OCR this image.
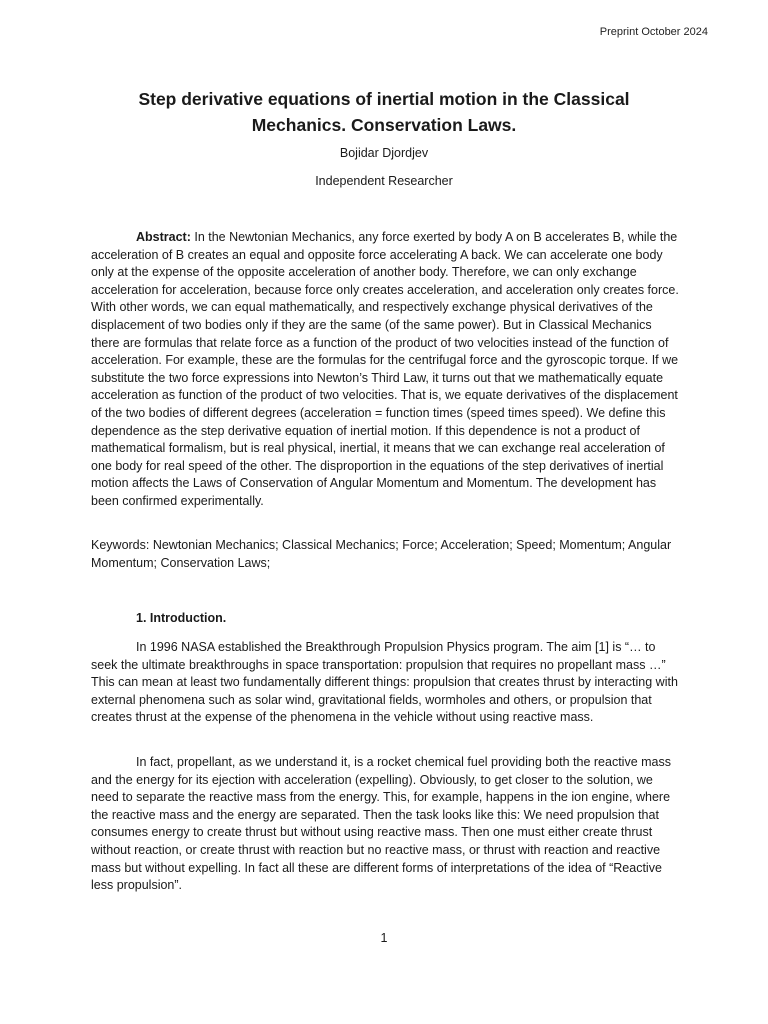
Preprint October 2024
Step derivative equations of inertial motion in the Classical Mechanics. Conservation Laws.
Bojidar Djordjev
Independent Researcher

Abstract: In the Newtonian Mechanics, any force exerted by body A on B accelerates B, while the acceleration of B creates an equal and opposite force accelerating A back. We can accelerate one body only at the expense of the opposite acceleration of another body. Therefore, we can only exchange acceleration for acceleration, because force only creates acceleration, and acceleration only creates force. With other words, we can equal mathematically, and respectively exchange physical derivatives of the displacement of two bodies only if they are the same (of the same power). But in Classical Mechanics there are formulas that relate force as a function of the product of two velocities instead of the function of acceleration. For example, these are the formulas for the centrifugal force and the gyroscopic torque. If we substitute the two force expressions into Newton’s Third Law, it turns out that we mathematically equate acceleration as function of the product of two velocities. That is, we equate derivatives of the displacement of the two bodies of different degrees (acceleration = function times (speed times speed). We define this dependence as the step derivative equation of inertial motion. If this dependence is not a product of mathematical formalism, but is real physical, inertial, it means that we can exchange real acceleration of one body for real speed of the other. The disproportion in the equations of the step derivatives of inertial motion affects the Laws of Conservation of Angular Momentum and Momentum. The development has been confirmed experimentally.

Keywords: Newtonian Mechanics; Classical Mechanics; Force; Acceleration; Speed; Momentum; Angular Momentum; Conservation Laws;

1. Introduction.

In 1996 NASA established the Breakthrough Propulsion Physics program. The aim [1] is “… to seek the ultimate breakthroughs in space transportation: propulsion that requires no propellant mass …” This can mean at least two fundamentally different things: propulsion that creates thrust by interacting with external phenomena such as solar wind, gravitational fields, wormholes and others, or propulsion that creates thrust at the expense of the phenomena in the vehicle without using reactive mass.

In fact, propellant, as we understand it, is a rocket chemical fuel providing both the reactive mass and the energy for its ejection with acceleration (expelling). Obviously, to get closer to the solution, we need to separate the reactive mass from the energy. This, for example, happens in the ion engine, where the reactive mass and the energy are separated. Then the task looks like this: We need propulsion that consumes energy to create thrust but without using reactive mass. Then one must either create thrust without reaction, or create thrust with reaction but no reactive mass, or thrust with reaction and reactive mass but without expelling. In fact all these are different forms of interpretations of the idea of “Reactive less propulsion”.

1
